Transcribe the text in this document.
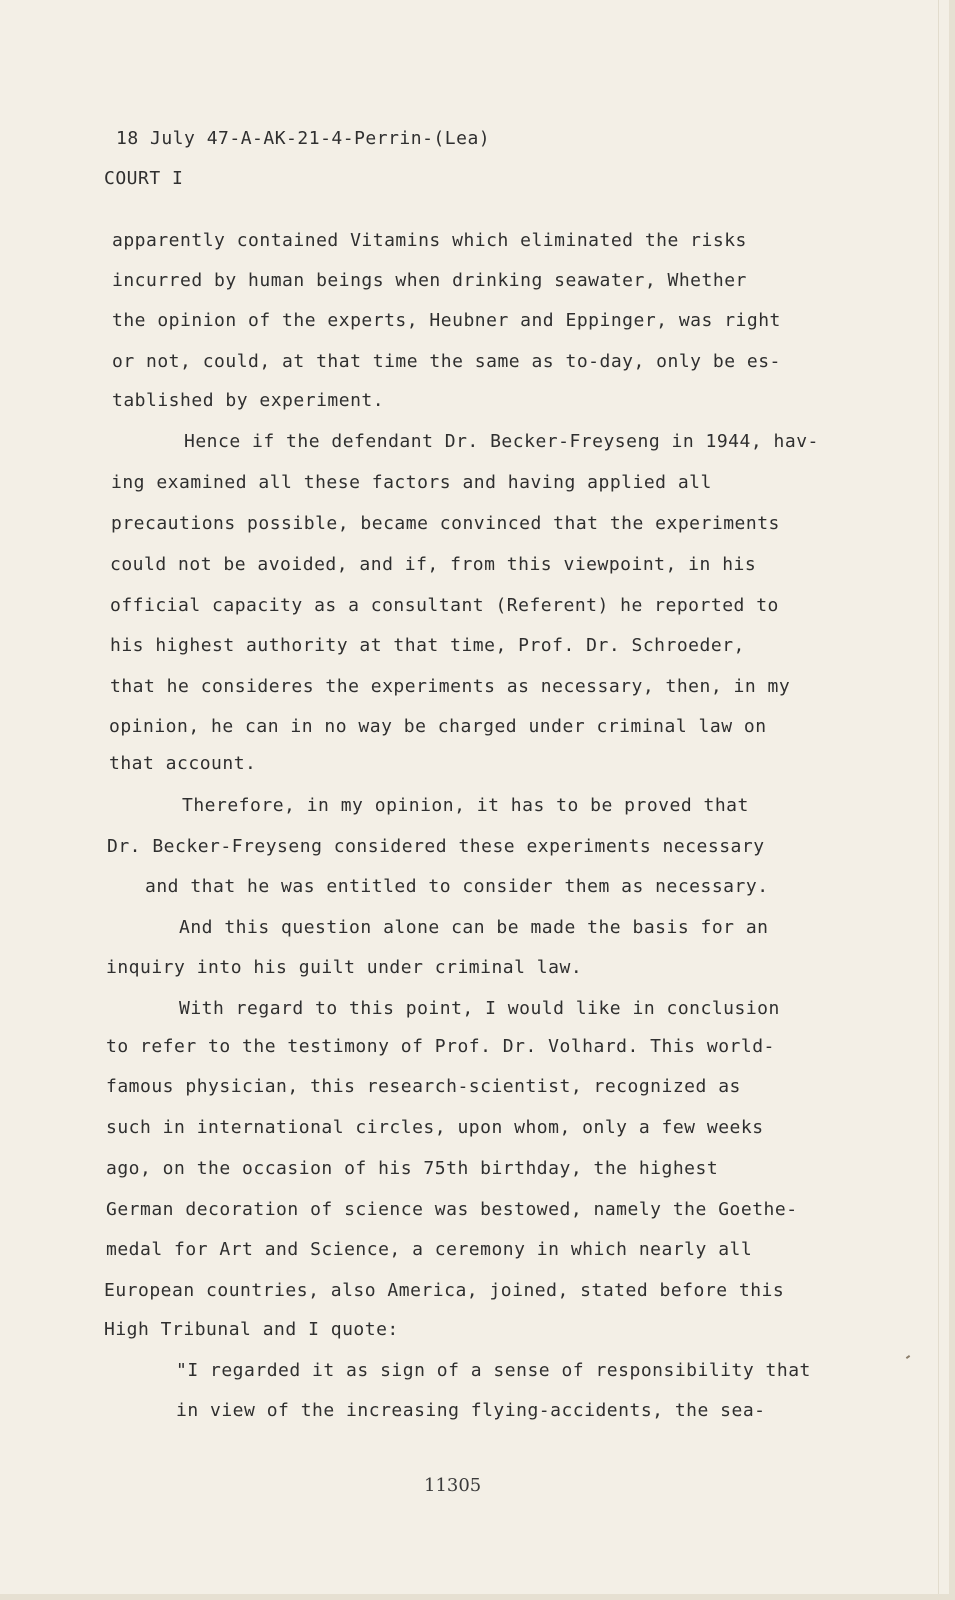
18 July 47-A-AK-21-4-Perrin-(Lea)
COURT I
apparently contained Vitamins which eliminated the risks
incurred by human beings when drinking seawater, Whether
the opinion of the experts, Heubner and Eppinger, was right
or not, could, at that time the same as to-day, only be es-
tablished by experiment.
Hence if the defendant Dr. Becker-Freyseng in 1944, hav-
ing examined all these factors and having applied all
precautions possible, became convinced that the experiments
could not be avoided, and if, from this viewpoint, in his
official capacity as a consultant (Referent) he reported to
his highest authority at that time, Prof. Dr. Schroeder,
that he consideres the experiments as necessary, then, in my
opinion, he can in no way be charged under criminal law on
that account.
Therefore, in my opinion, it has to be proved that
Dr. Becker-Freyseng considered these experiments necessary
and that he was entitled to consider them as necessary.
And this question alone can be made the basis for an
inquiry into his guilt under criminal law.
With regard to this point, I would like in conclusion
to refer to the testimony of Prof. Dr. Volhard. This world-
famous physician, this research-scientist, recognized as
such in international circles, upon whom, only a few weeks
ago, on the occasion of his 75th birthday, the highest
German decoration of science was bestowed, namely the Goethe-
medal for Art and Science, a ceremony in which nearly all
European countries, also America, joined, stated before this
High Tribunal and I quote:
"I regarded it as sign of a sense of responsibility that
in view of the increasing flying-accidents, the sea-
11305
